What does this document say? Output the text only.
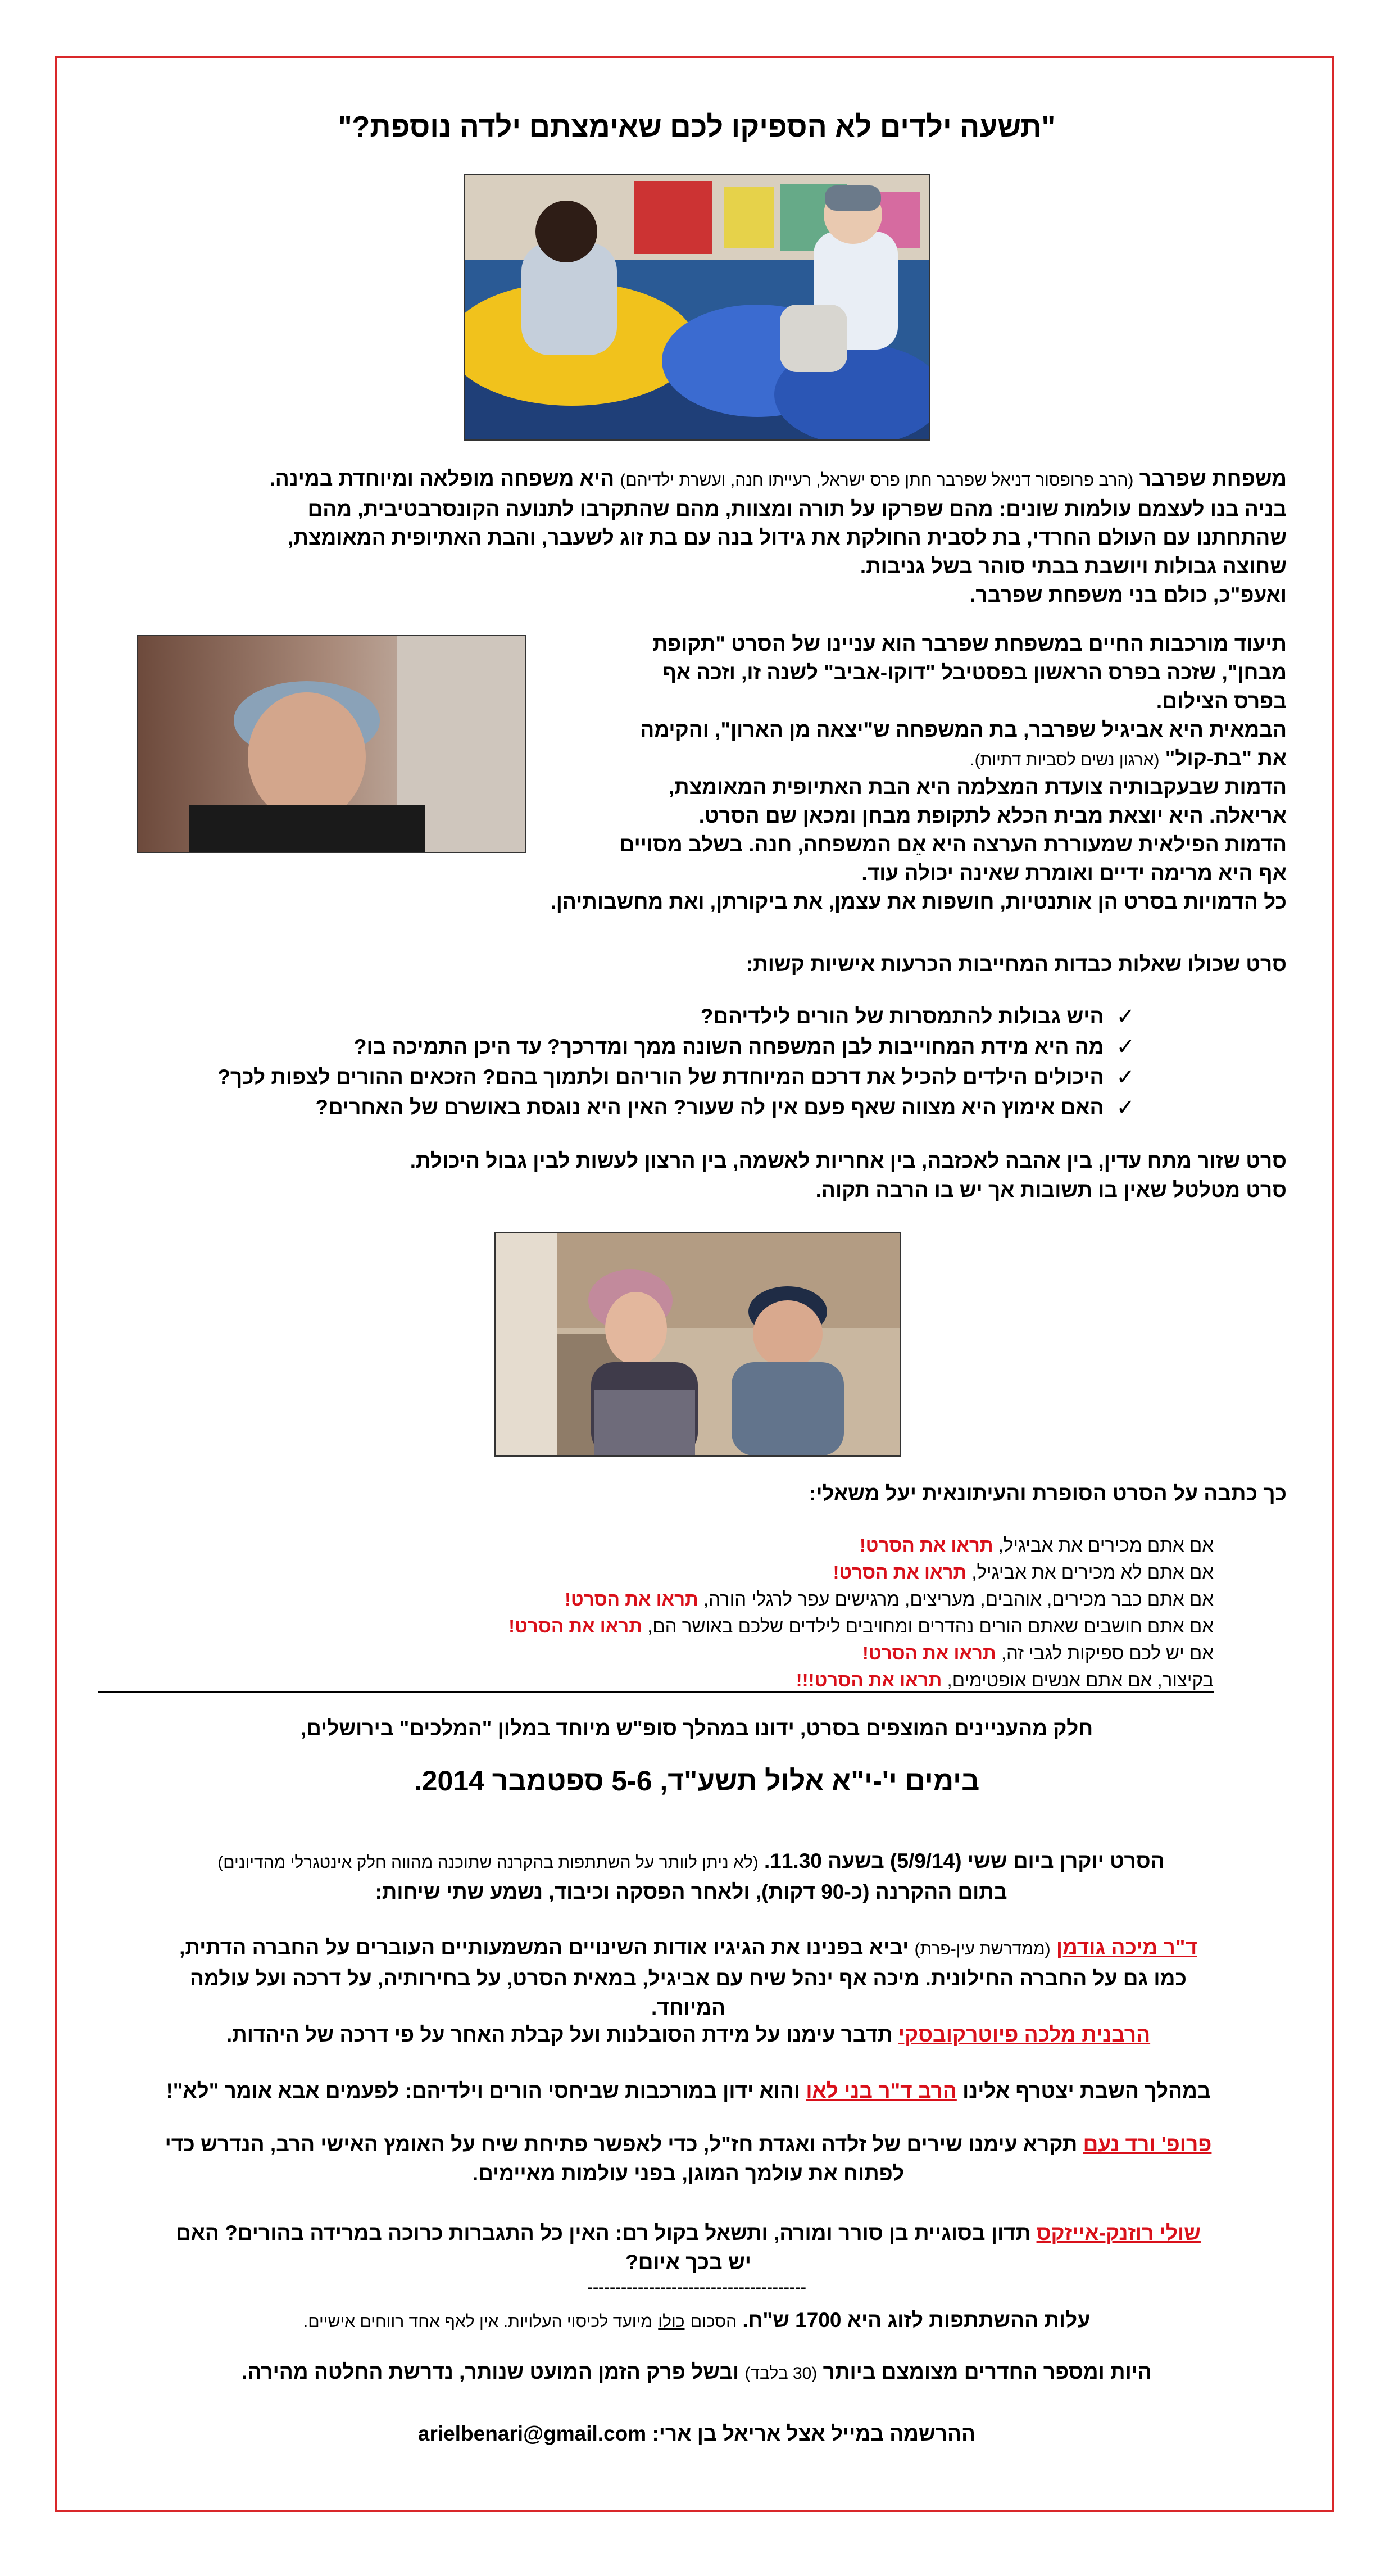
"תשעה ילדים לא הספיקו לכם שאימצתם ילדה נוספת?"
משפחת שפרבר (הרב פרופסור דניאל שפרבר חתן פרס ישראל, רעייתו חנה, ועשרת ילדיהם) היא משפחה מופלאה ומיוחדת במינה.
בניה בנו לעצמם עולמות שונים: מהם שפרקו על תורה ומצוות, מהם שהתקרבו לתנועה הקונסרבטיבית, מהם
שהתחתנו עם העולם החרדי, בת לסבית החולקת את גידול בנה עם בת זוג לשעבר, והבת האתיופית המאומצת,
שחוצה גבולות ויושבת בבתי סוהר בשל גניבות.
ואעפ"כ, כולם בני משפחת שפרבר.
תיעוד מורכבות החיים במשפחת שפרבר הוא עניינו של הסרט "תקופת
מבחן", שזכה בפרס הראשון בפסטיבל "דוקו-אביב" לשנה זו, וזכה אף
בפרס הצילום.
הבמאית היא אביגיל שפרבר, בת המשפחה ש"יצאה מן הארון", והקימה
את "בת-קול" (ארגון נשים לסביות דתיות).
הדמות שבעקבותיה צועדת המצלמה היא הבת האתיופית המאומצת,
אריאלה. היא יוצאת מבית הכלא לתקופת מבחן ומכאן שם הסרט.
הדמות הפילאית שמעוררת הערצה היא אֵם המשפחה, חנה. בשלב מסויים
אף היא מרימה ידיים ואומרת שאינה יכולה עוד.
כל הדמויות בסרט הן אותנטיות, חושפות את עצמן, את ביקורתן, ואת מחשבותיהן.
סרט שכולו שאלות כבדות המחייבות הכרעות אישיות קשות:
✓
היש גבולות להתמסרות של הורים לילדיהם?
✓
מה היא מידת המחוייבות לבן המשפחה השונה ממך ומדרכך? עד היכן התמיכה בו?
✓
היכולים הילדים להכיל את דרכם המיוחדת של הוריהם ולתמוך בהם? הזכאים ההורים לצפות לכך?
✓
האם אימוץ היא מצווה שאף פעם אין לה שעור? האין היא נוגסת באושרם של האחרים?
סרט שזור מתח עדין, בין אהבה לאכזבה, בין אחריות לאשמה, בין הרצון לעשות לבין גבול היכולת.
סרט מטלטל שאין בו תשובות אך יש בו הרבה תקוה.
כך כתבה על הסרט הסופרת והעיתונאית יעל משאלי:
אם אתם מכירים את אביגיל, תראו את הסרט!
אם אתם לא מכירים את אביגיל, תראו את הסרט!
אם אתם כבר מכירים, אוהבים, מעריצים, מרגישים עפר לרגלי הורה, תראו את הסרט!
אם אתם חושבים שאתם הורים נהדרים ומחויבים לילדים שלכם באושר הם, תראו את הסרט!
אם יש לכם ספיקות לגבי זה, תראו את הסרט!
בקיצור, אם אתם אנשים אופטימים, תראו את הסרט!!!
חלק מהעניינים המוצפים בסרט, ידונו במהלך סופ"ש מיוחד במלון "המלכים" בירושלים,
בימים י'-י"א אלול תשע"ד, 5-6 ספטמבר 2014.
הסרט יוקרן ביום ששי (5/9/14) בשעה 11.30. (לא ניתן לוותר על השתתפות בהקרנה שתוכנה מהווה חלק אינטגרלי מהדיונים)
בתום ההקרנה (כ-90 דקות), ולאחר הפסקה וכיבוד, נשמע שתי שיחות:
ד"ר מיכה גודמן (ממדרשת עין-פרת) יביא בפנינו את הגיגיו אודות השינויים המשמעותיים העוברים על החברה הדתית,
כמו גם על החברה החילונית. מיכה אף ינהל שיח עם אביגיל, במאית הסרט, על בחירותיה, על דרכה ועל עולמה
המיוחד.
הרבנית מלכה פיוטרקובסקי תדבר עימנו על מידת הסובלנות ועל קבלת האחר על פי דרכה של היהדות.
במהלך השבת יצטרף אלינו הרב ד"ר בני לאו והוא ידון במורכבות שביחסי הורים וילדיהם: לפעמים אבא אומר "לא"!
פרופ' ורד נעם תקרא עימנו שירים של זלדה ואגדת חז"ל, כדי לאפשר פתיחת שיח על האומץ האישי הרב, הנדרש כדי
לפתוח את עולמך המוגן, בפני עולמות מאיימים.
שולי רוזנק-אייזקס תדון בסוגיית בן סורר ומורה, ותשאל בקול רם: האין כל התגברות כרוכה במרידה בהורים? האם
יש בכך איום?
---------------------------------------
עלות ההשתתפות לזוג היא 1700 ש"ח. הסכום כולו מיועד לכיסוי העלויות. אין לאף אחד רווחים אישיים.
היות ומספר החדרים מצומצם ביותר (30 בלבד) ובשל פרק הזמן המועט שנותר, נדרשת החלטה מהירה.
ההרשמה במייל אצל אריאל בן ארי: arielbenari@gmail.com
